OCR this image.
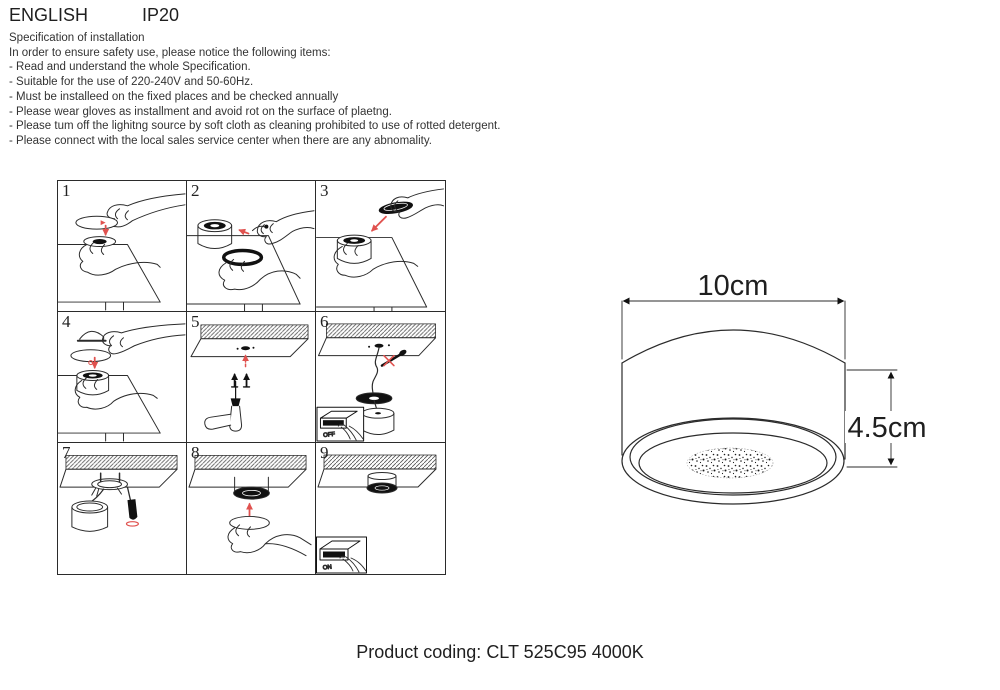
ENGLISH	IP20
Specification of installation
In order to ensure safety use, please notice the following items:
- Read and understand the whole Specification.
- Suitable for the use of 220-240V and 50-60Hz.
- Must be installeed on the fixed places and be checked annually
- Please wear gloves as installment and avoid rot on the surface of plaetng.
- Please tum off the lighitng source by soft cloth as cleaning prohibited to use of rotted detergent.
- Please connect with the local sales service center when there are any abnomality.
1	2	3
4	5	6
OFF
7	8	9
ON
10cm
4.5cm
Product coding: CLT 525C95 4000K
